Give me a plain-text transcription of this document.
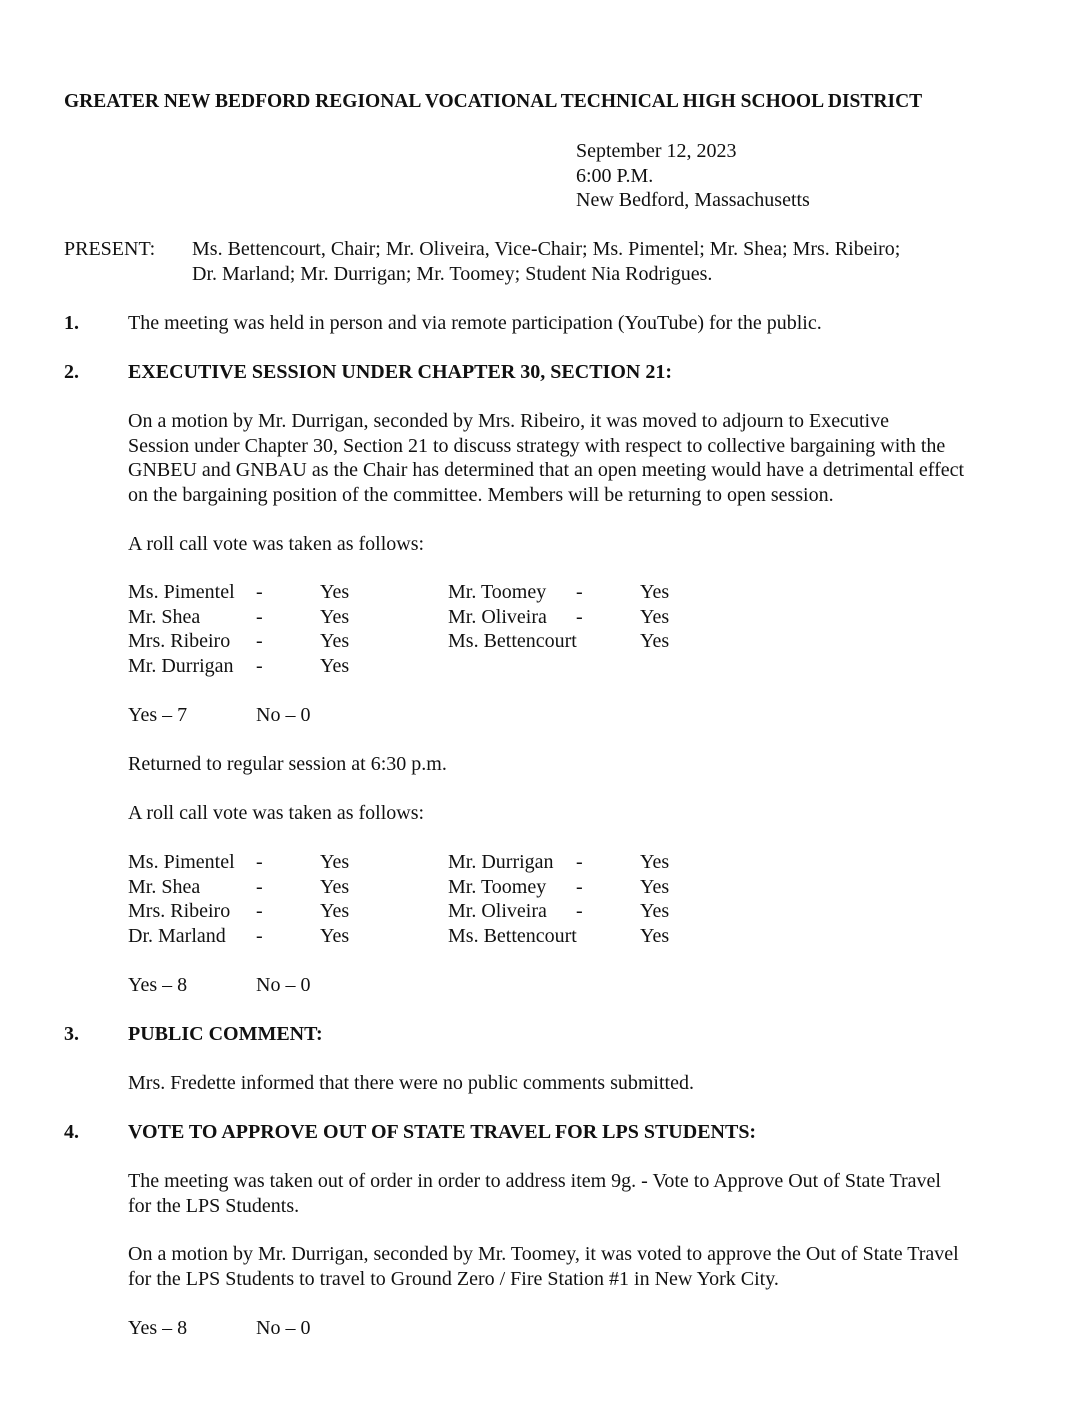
GREATER NEW BEDFORD REGIONAL VOCATIONAL TECHNICAL HIGH SCHOOL DISTRICT
September 12, 2023
6:00 P.M.
New Bedford, Massachusetts
PRESENT: Ms. Bettencourt, Chair; Mr. Oliveira, Vice-Chair; Ms. Pimentel; Mr. Shea; Mrs. Ribeiro;
Dr. Marland; Mr. Durrigan; Mr. Toomey; Student Nia Rodrigues.
1. The meeting was held in person and via remote participation (YouTube) for the public.
2. EXECUTIVE SESSION UNDER CHAPTER 30, SECTION 21:
On a motion by Mr. Durrigan, seconded by Mrs. Ribeiro, it was moved to adjourn to Executive
Session under Chapter 30, Section 21 to discuss strategy with respect to collective bargaining with the
GNBEU and GNBAU as the Chair has determined that an open meeting would have a detrimental effect
on the bargaining position of the committee. Members will be returning to open session.
A roll call vote was taken as follows:
Ms. Pimentel -	Yes	Mr. Toomey -	Yes
Mr. Shea	-	Yes	Mr. Oliveira -	Yes
Mrs. Ribeiro -	Yes	Ms. Bettencourt	Yes
Mr. Durrigan -	Yes
Yes – 7	No – 0
Returned to regular session at 6:30 p.m.
A roll call vote was taken as follows:
Ms. Pimentel -	Yes	Mr. Durrigan -	Yes
Mr. Shea	-	Yes	Mr. Toomey -	Yes
Mrs. Ribeiro -	Yes	Mr. Oliveira -	Yes
Dr. Marland -	Yes	Ms. Bettencourt	Yes
Yes – 8	No – 0
3. PUBLIC COMMENT:
Mrs. Fredette informed that there were no public comments submitted.
4. VOTE TO APPROVE OUT OF STATE TRAVEL FOR LPS STUDENTS:
The meeting was taken out of order in order to address item 9g. - Vote to Approve Out of State Travel
for the LPS Students.
On a motion by Mr. Durrigan, seconded by Mr. Toomey, it was voted to approve the Out of State Travel
for the LPS Students to travel to Ground Zero / Fire Station #1 in New York City.
Yes – 8	No – 0
